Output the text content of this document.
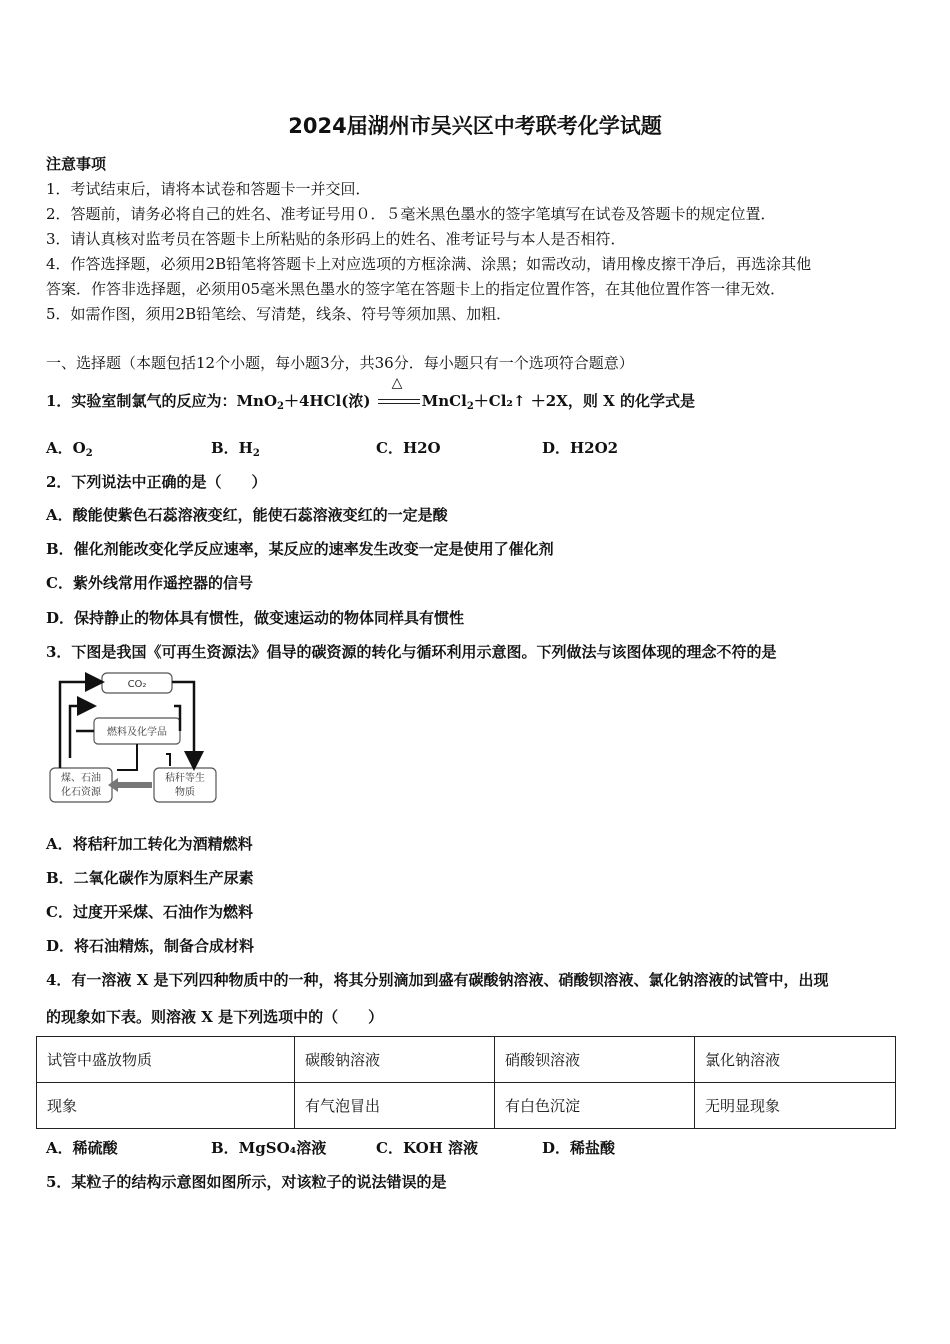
2024届湖州市吴兴区中考联考化学试题
注意事项
1．考试结束后，请将本试卷和答题卡一并交回．
2．答题前，请务必将自己的姓名、准考证号用０．５毫米黑色墨水的签字笔填写在试卷及答题卡的规定位置．
3．请认真核对监考员在答题卡上所粘贴的条形码上的姓名、准考证号与本人是否相符．
4．作答选择题，必须用2B铅笔将答题卡上对应选项的方框涂满、涂黑；如需改动，请用橡皮擦干净后，再选涂其他
答案．作答非选择题，必须用05毫米黑色墨水的签字笔在答题卡上的指定位置作答，在其他位置作答一律无效．
5．如需作图，须用2B铅笔绘、写清楚，线条、符号等须加黑、加粗．
一、选择题（本题包括12个小题，每小题3分，共36分．每小题只有一个选项符合题意）
1．实验室制氯气的反应为：MnO$_2$＋4HCl(浓)
△
MnCl$_2$＋Cl₂↑ ＋2X，则 X 的化学式是
A．$O_2$	B．$H_2$	C．H2O	D．H2O2
2．下列说法中正确的是（　　）
A．酸能使紫色石蕊溶液变红，能使石蕊溶液变红的一定是酸
B．催化剂能改变化学反应速率，某反应的速率发生改变一定是使用了催化剂
C．紫外线常用作遥控器的信号
D．保持静止的物体具有惯性，做变速运动的物体同样具有惯性
3．下图是我国《可再生资源法》倡导的碳资源的转化与循环利用示意图。下列做法与该图体现的理念不符的是
CO₂
燃料及化学品
煤、石油
化石资源
秸秆等生
物质
A．将秸秆加工转化为酒精燃料
B．二氧化碳作为原料生产尿素
C．过度开采煤、石油作为燃料
D．将石油精炼，制备合成材料
4．有一溶液 X 是下列四种物质中的一种，将其分别滴加到盛有碳酸钠溶液、硝酸钡溶液、氯化钠溶液的试管中，出现
的现象如下表。则溶液 X 是下列选项中的（　　）
试管中盛放物质	碳酸钠溶液	硝酸钡溶液	氯化钠溶液
现象	有气泡冒出	有白色沉淀	无明显现象
A．稀硫酸	B．MgSO₄溶液	C．KOH 溶液	D．稀盐酸
5．某粒子的结构示意图如图所示，对该粒子的说法错误的是
